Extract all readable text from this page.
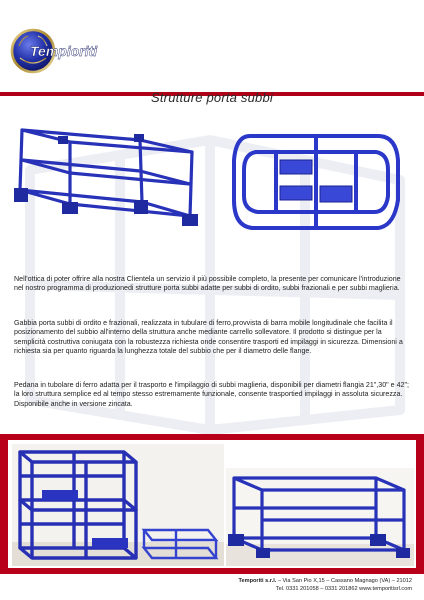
Tempioriti
Strutture porta subbi

Nell'ottica di poter offrire alla nostra Clientela un servizio il più possibile completo, la presente per comunicare l'introduzione nel nostro programma di produzionedi strutture porta subbi adatte per subbi di ordito, subbi frazionali e per subbi maglieria.

Gabbia porta subbi di ordito e frazionali, realizzata in tubulare di ferro,provvista di barra mobile longitudinale che facilita il posizionamento del subbio all'interno della struttura anche mediante carrello sollevatore. Il prodotto si distingue per la semplicità costruttiva coniugata con la robustezza richiesta onde consentire trasporti ed impilaggi in sicurezza. Dimensioni a richiesta sia per quanto riguarda la lunghezza totale del subbio che per il diametro delle flange.

Pedana in tubolare di ferro adatta per il trasporto e l'impilaggio di subbi maglieria, disponibili per diametri flangia 21",30" e 42"; la loro struttura semplice ed al tempo stesso estremamente funzionale, consente trasportied impilaggi in assoluta sicurezza. Disponibile anche in versione zincata.

Temporiti s.r.l. – Via San Pio X,15 – Cassano Magnago (VA) – 21012
Tel. 0331 201058 – 0331 201862 www.temporitisrl.com
